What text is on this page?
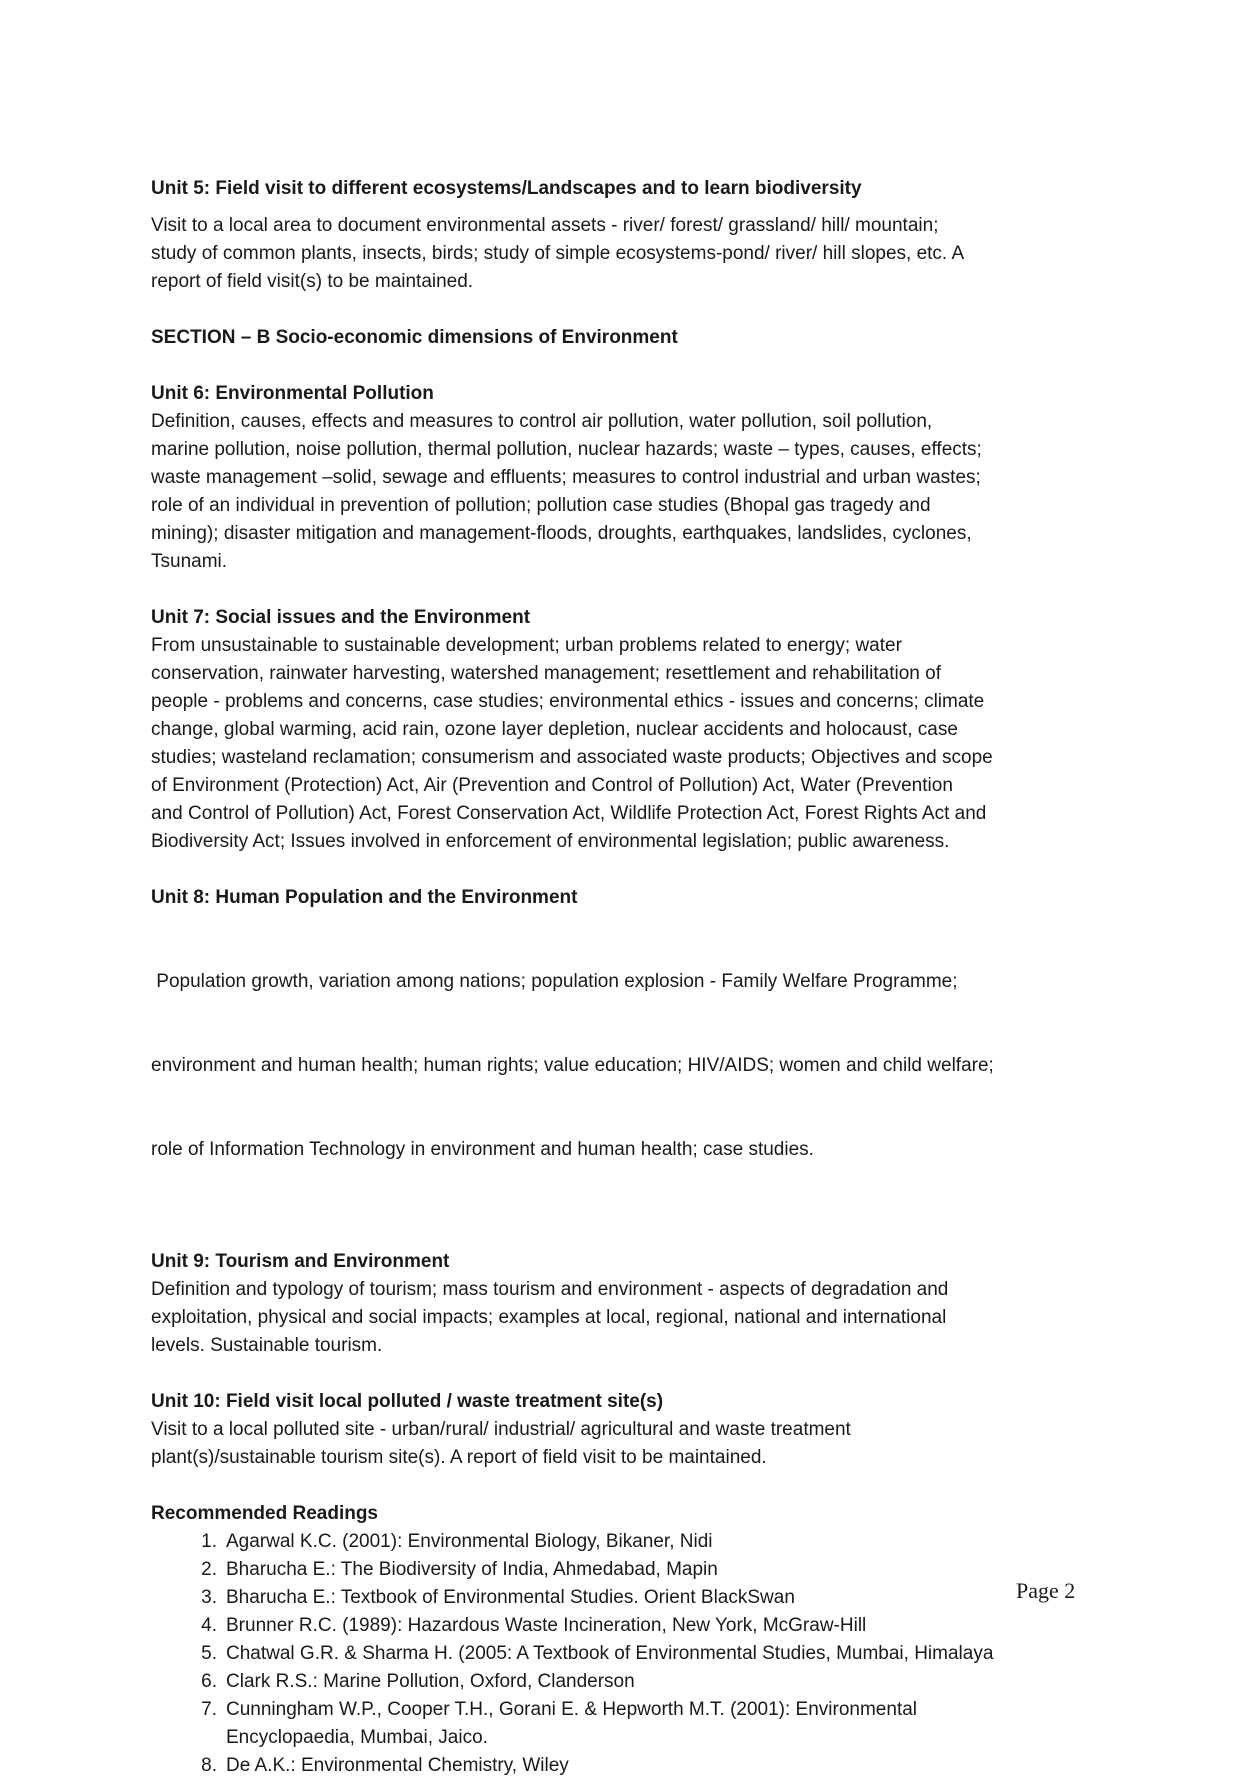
Unit 5: Field visit to different ecosystems/Landscapes and to learn biodiversity

Visit to a local area to document environmental assets - river/ forest/ grassland/ hill/ mountain;
study of common plants, insects, birds; study of simple ecosystems-pond/ river/ hill slopes, etc. A
report of field visit(s) to be maintained.

SECTION – B Socio-economic dimensions of Environment

Unit 6: Environmental Pollution

Definition, causes, effects and measures to control air pollution, water pollution, soil pollution,
marine pollution, noise pollution, thermal pollution, nuclear hazards; waste – types, causes, effects;
waste management –solid, sewage and effluents; measures to control industrial and urban wastes;
role of an individual in prevention of pollution; pollution case studies (Bhopal gas tragedy and
mining); disaster mitigation and management-floods, droughts, earthquakes, landslides, cyclones,
Tsunami.

Unit 7: Social issues and the Environment

From unsustainable to sustainable development; urban problems related to energy; water
conservation, rainwater harvesting, watershed management; resettlement and rehabilitation of
people - problems and concerns, case studies; environmental ethics - issues and concerns; climate
change, global warming, acid rain, ozone layer depletion, nuclear accidents and holocaust, case
studies; wasteland reclamation; consumerism and associated waste products; Objectives and scope
of Environment (Protection) Act, Air (Prevention and Control of Pollution) Act, Water (Prevention
and Control of Pollution) Act, Forest Conservation Act, Wildlife Protection Act, Forest Rights Act and
Biodiversity Act; Issues involved in enforcement of environmental legislation; public awareness.

Unit 8: Human Population and the Environment

Population growth, variation among nations; population explosion - Family Welfare Programme;

environment and human health; human rights; value education; HIV/AIDS; women and child welfare;

role of Information Technology in environment and human health; case studies.

Unit 9: Tourism and Environment

Definition and typology of tourism; mass tourism and environment - aspects of degradation and
exploitation, physical and social impacts; examples at local, regional, national and international
levels. Sustainable tourism.

Unit 10: Field visit local polluted / waste treatment site(s)

Visit to a local polluted site - urban/rural/ industrial/ agricultural and waste treatment
plant(s)/sustainable tourism site(s). A report of field visit to be maintained.

Recommended Readings

1. Agarwal K.C. (2001): Environmental Biology, Bikaner, Nidi
2. Bharucha E.: The Biodiversity of India, Ahmedabad, Mapin
3. Bharucha E.: Textbook of Environmental Studies. Orient BlackSwan
4. Brunner R.C. (1989): Hazardous Waste Incineration, New York, McGraw-Hill
5. Chatwal G.R. & Sharma H. (2005: A Textbook of Environmental Studies, Mumbai, Himalaya
6. Clark R.S.: Marine Pollution, Oxford, Clanderson
7. Cunningham W.P., Cooper T.H., Gorani E. & Hepworth M.T. (2001): Environmental
Encyclopaedia, Mumbai, Jaico.
8. De A.K.: Environmental Chemistry, Wiley
Page 2
